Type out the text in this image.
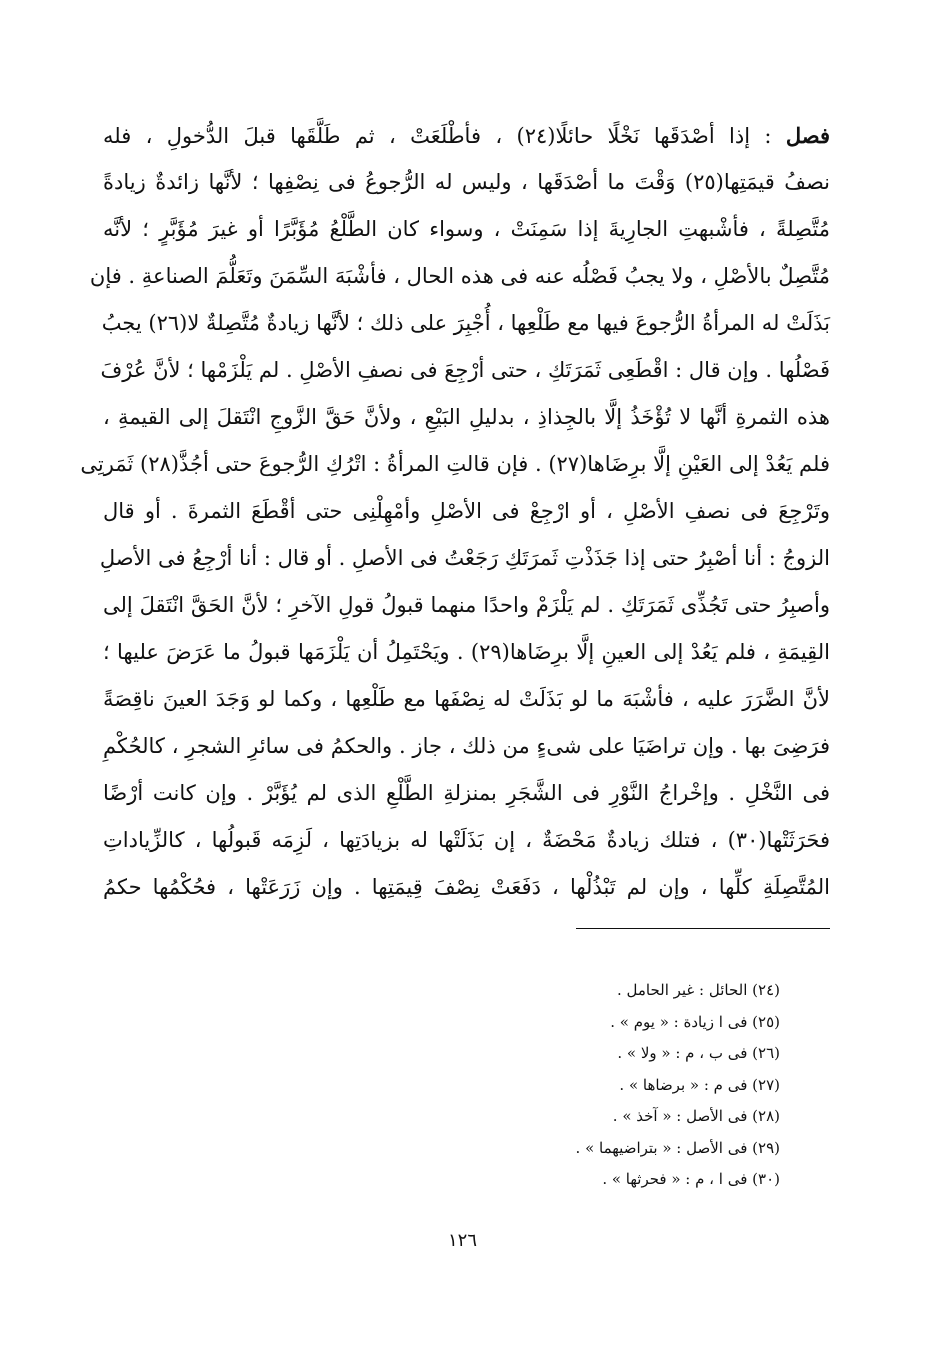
فصل : إذا أصْدَقَها نَخْلًا حائلًا(٢٤) ، فأطْلَعَتْ ، ثم طَلَّقَها قبلَ الدُّخولِ ، فله
نصفُ قيمَتِها(٢٥) وَقْتَ ما أصْدَقَها ، وليس له الرُّجوعُ فى نِصْفِها ؛ لأنَّها زائدةٌ زيادةً
مُتَّصِلةً ، فأشْبهتِ الجارِيةَ إذا سَمِنَتْ ، وسواء كان الطَّلْعُ مُؤَبَّرًا أو غيرَ مُؤَبَّرٍ ؛ لأنَّه
مُتَّصِلٌ بالأصْلِ ، ولا يجبُ فَصْلُه عنه فى هذه الحال ، فأشْبَهَ السِّمَنَ وتَعَلُّمَ الصناعةِ . فإن
بَذَلَتْ له المرأةُ الرُّجوعَ فيها مع طَلْعِها ، أُجْبِرَ على ذلك ؛ لأنَّها زيادةٌ مُتَّصِلةٌ لا(٢٦) يجبُ
فَصْلُها . وإن قال : اقْطَعِى ثَمَرَتَكِ ، حتى أرْجِعَ فى نصفِ الأصْلِ . لم يَلْزَمْها ؛ لأنَّ عُرْفَ
هذه الثمرةِ أنَّها لا تُؤْخَذُ إلَّا بالجِذاذِ ، بدليلِ البَيْعِ ، ولأنَّ حَقَّ الزَّوجِ انْتَقلَ إلى القيمةِ ،
فلم يَعُدْ إلى العَيْنِ إلَّا برِضَاها(٢٧) . فإن قالتِ المرأةُ : اتْرُكِ الرُّجوعَ حتى أجُذَّ(٢٨) ثَمَرتِى
وتَرْجِعَ فى نصفِ الأصْلِ ، أو ارْجِعْ فى الأصْلِ وأمْهِلْنِى حتى أقْطَعَ الثمرةَ . أو قال
الزوجُ : أنا أصْبِرُ حتى إذا جَذَذْتِ ثَمرَتَكِ رَجَعْتُ فى الأصلِ . أو قال : أنا أرْجِعُ فى الأصلِ
وأصبِرُ حتى تَجُذِّى ثَمَرَتَكِ . لم يَلْزَمْ واحدًا منهما قبولُ قولِ الآخرِ ؛ لأنَّ الحَقَّ انْتَقلَ إلى
القِيمَةِ ، فلم يَعُدْ إلى العينِ إلَّا برِضَاها(٢٩) . ويَحْتَمِلُ أن يَلْزَمَها قبولُ ما عَرَضَ عليها ؛
لأنَّ الضَّرَرَ عليه ، فأشْبَهَ ما لو بَذَلَتْ له نِصْفَها مع طَلْعِها ، وكما لو وَجَدَ العينَ ناقِصَةً
فرَضِىَ بها . وإن تراضَيَا على شىءٍ من ذلك ، جاز . والحكمُ فى سائرِ الشجرِ ، كالحُكْمِ
فى النَّخْلِ . وإخْراجُ النَّوْرِ فى الشَّجَرِ بمنزلةِ الطَّلْعِ الذى لم يُؤَبَّرْ . وإن كانت أرْضًا
فحَرَثَتْها(٣٠) ، فتلك زيادةٌ مَحْضَةٌ ، إن بَذَلَتْها له بزيادَتِها ، لَزِمَه قَبولُها ، كالزِّياداتِ
المُتَّصِلَةِ كلِّها ، وإن لم تَبْذُلْها ، دَفَعَتْ نِصْفَ قِيمَتِها . وإن زَرَعَتْها ، فحُكْمُها حكمُ
(٢٤) الحائل : غير الحامل .
(٢٥) فى ا زيادة : « يوم » .
(٢٦) فى ب ، م : « ولا » .
(٢٧) فى م : « برضاها » .
(٢٨) فى الأصل : « آخذ » .
(٢٩) فى الأصل : « بتراضيهما » .
(٣٠) فى ا ، م : « فحرثها » .
١٢٦
